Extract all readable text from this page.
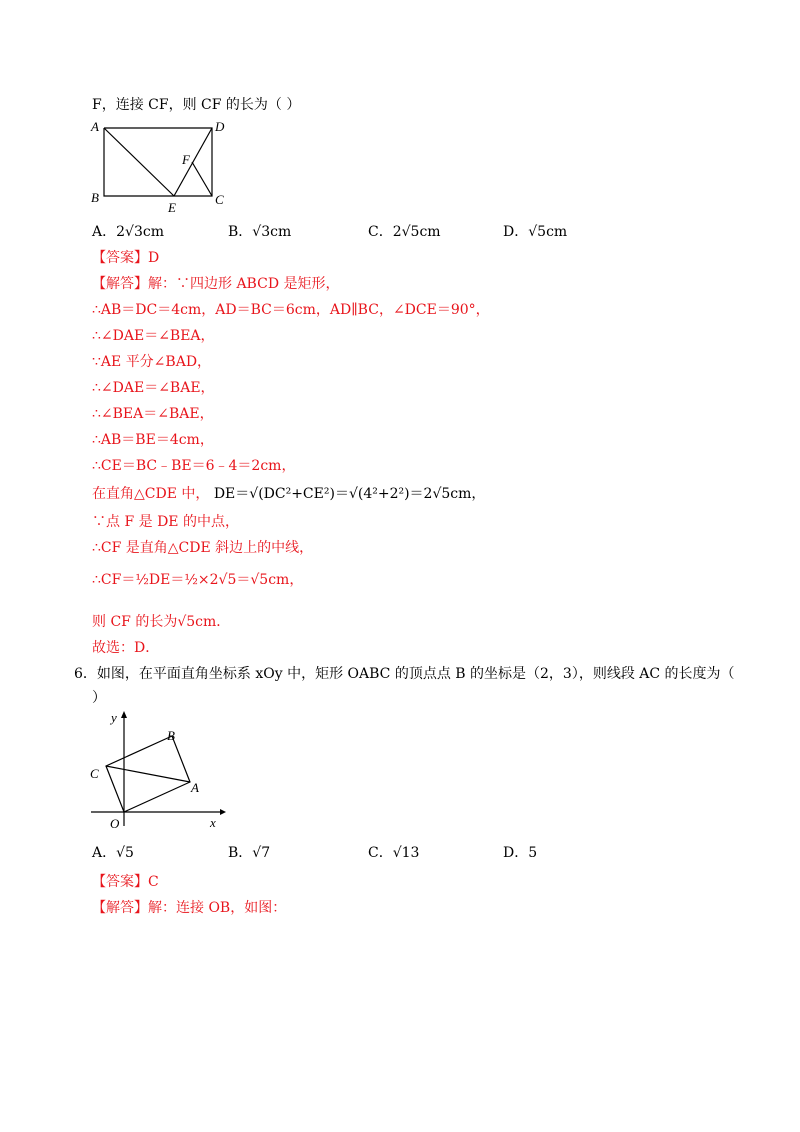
F，连接 CF，则 CF 的长为（ ）
A	D
F
B
E
C
A．2√3cm	B．√3cm	C．2√5cm	D．√5cm
【答案】D
【解答】解：∵四边形 ABCD 是矩形，
∴AB＝DC＝4cm，AD＝BC＝6cm，AD∥BC，∠DCE＝90°，
∴∠DAE＝∠BEA，
∵AE 平分∠BAD，
∴∠DAE＝∠BAE，
∴∠BEA＝∠BAE，
∴AB＝BE＝4cm，
∴CE＝BC﹣BE＝6﹣4＝2cm，
在直角△CDE 中， DE＝√(DC²+CE²)＝√(4²+2²)＝2√5cm，
∵点 F 是 DE 的中点，
∴CF 是直角△CDE 斜边上的中线，
∴CF＝½DE＝½×2√5＝√5cm，
则 CF 的长为√5cm．
故选：D．
6．如图，在平面直角坐标系 xOy 中，矩形 OABC 的顶点点 B 的坐标是（2，3），则线段 AC 的长度为（
）
y
x
O
A
B
C
A．√5	B．√7	C．√13	D．5
【答案】C
【解答】解：连接 OB，如图：
